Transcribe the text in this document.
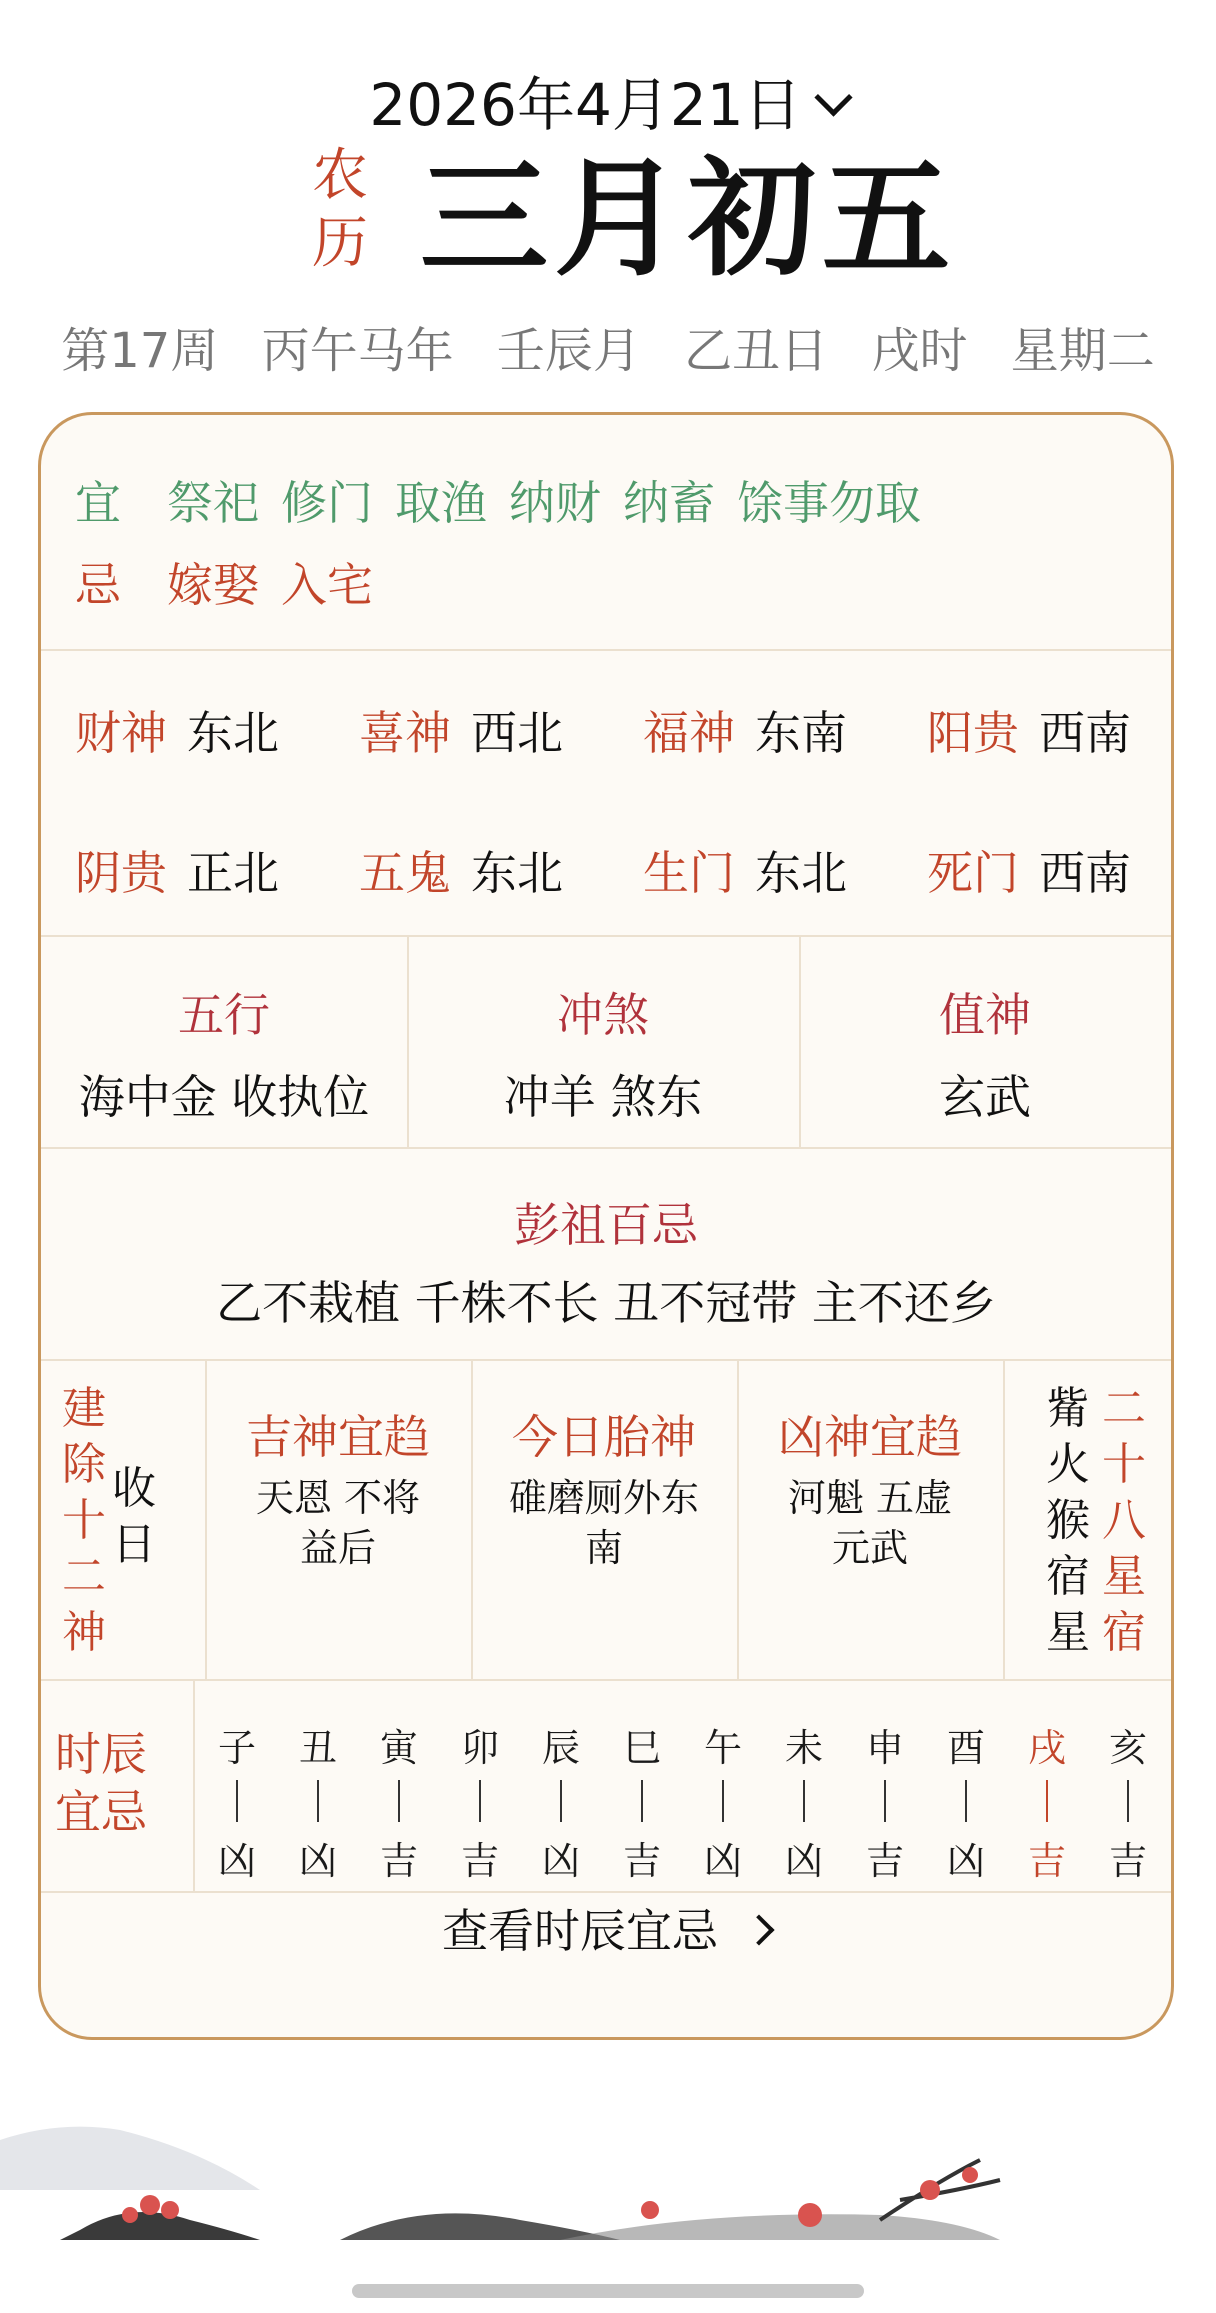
2026年4月21日
农
历 三月初五
第17周 丙午马年 壬辰月 乙丑日 戌时 星期二
宜 祭祀 修门 取渔 纳财 纳畜 馀事勿取
忌 嫁娶 入宅
财神 东北 喜神 西北 福神 东南 阳贵 西南
阴贵 正北 五鬼 东北 生门 东北 死门 西南
五行
海中金 收执位
冲煞
冲羊 煞东
值神
玄武
彭祖百忌
乙不栽植 千株不长 丑不冠带 主不还乡
建
除
十
二
神
收
日
吉神宜趋
天恩 不将
益后
今日胎神
碓磨厕外东
南
凶神宜趋
河魁 五虚
元武
觜
火
猴
宿
星
二
十
八
星
宿
时辰
宜忌
子
凶
丑
凶
寅
吉
卯
吉
辰
凶
巳
吉
午
凶
未
凶
申
吉
酉
凶
戌
吉
亥
吉
查看时辰宜忌
